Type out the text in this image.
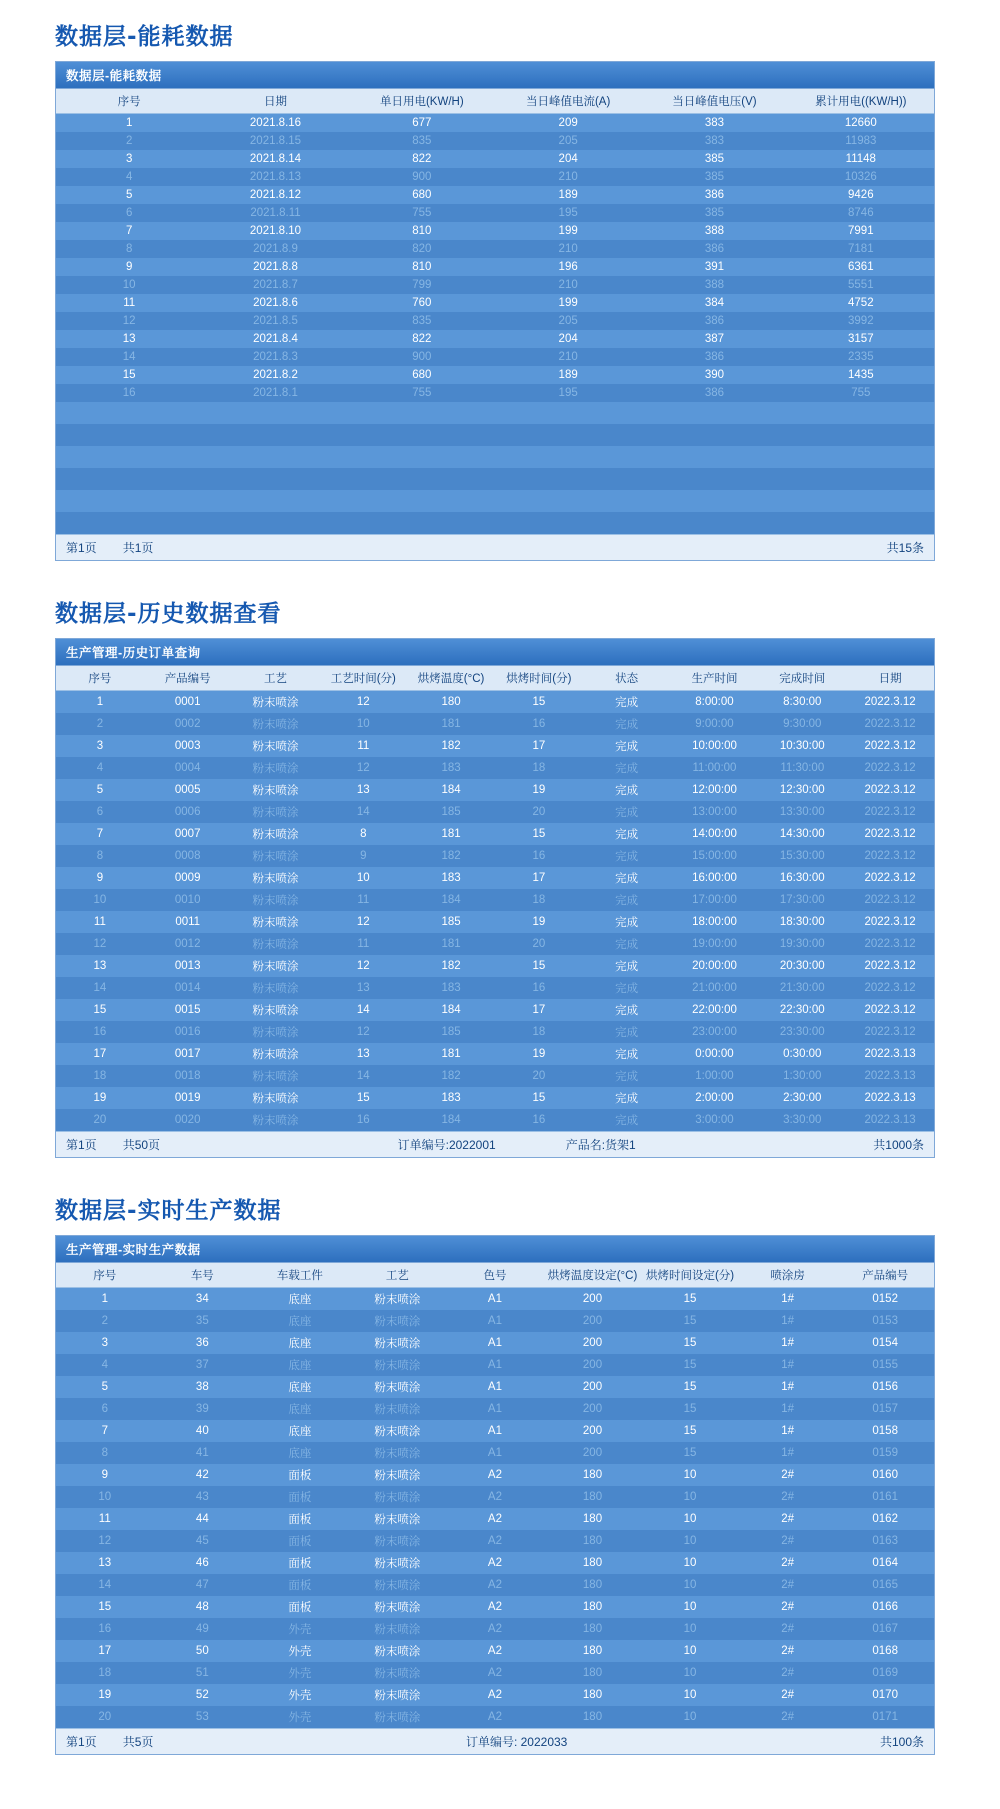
数据层-能耗数据
数据层-能耗数据
序号	日期	单日用电(KW/H)	当日峰值电流(A)	当日峰值电压(V)	累计用电((KW/H))
1	2021.8.16	677	209	383	12660
2	2021.8.15	835	205	383	11983
3	2021.8.14	822	204	385	11148
4	2021.8.13	900	210	385	10326
5	2021.8.12	680	189	386	9426
6	2021.8.11	755	195	385	8746
7	2021.8.10	810	199	388	7991
8	2021.8.9	820	210	386	7181
9	2021.8.8	810	196	391	6361
10	2021.8.7	799	210	388	5551
11	2021.8.6	760	199	384	4752
12	2021.8.5	835	205	386	3992
13	2021.8.4	822	204	387	3157
14	2021.8.3	900	210	386	2335
15	2021.8.2	680	189	390	1435
16	2021.8.1	755	195	386	755

第1页 共1页	共15条
数据层-历史数据查看
生产管理-历史订单查询
序号	产品编号	工艺	工艺时间(分)	烘烤温度(°C)	烘烤时间(分)	状态	生产时间	完成时间	日期
1	0001	粉末喷涂	12	180	15	完成	8:00:00	8:30:00	2022.3.12
2	0002	粉末喷涂	10	181	16	完成	9:00:00	9:30:00	2022.3.12
3	0003	粉末喷涂	11	182	17	完成	10:00:00	10:30:00	2022.3.12
4	0004	粉末喷涂	12	183	18	完成	11:00:00	11:30:00	2022.3.12
5	0005	粉末喷涂	13	184	19	完成	12:00:00	12:30:00	2022.3.12
6	0006	粉末喷涂	14	185	20	完成	13:00:00	13:30:00	2022.3.12
7	0007	粉末喷涂	8	181	15	完成	14:00:00	14:30:00	2022.3.12
8	0008	粉末喷涂	9	182	16	完成	15:00:00	15:30:00	2022.3.12
9	0009	粉末喷涂	10	183	17	完成	16:00:00	16:30:00	2022.3.12
10	0010	粉末喷涂	11	184	18	完成	17:00:00	17:30:00	2022.3.12
11	0011	粉末喷涂	12	185	19	完成	18:00:00	18:30:00	2022.3.12
12	0012	粉末喷涂	11	181	20	完成	19:00:00	19:30:00	2022.3.12
13	0013	粉末喷涂	12	182	15	完成	20:00:00	20:30:00	2022.3.12
14	0014	粉末喷涂	13	183	16	完成	21:00:00	21:30:00	2022.3.12
15	0015	粉末喷涂	14	184	17	完成	22:00:00	22:30:00	2022.3.12
16	0016	粉末喷涂	12	185	18	完成	23:00:00	23:30:00	2022.3.12
17	0017	粉末喷涂	13	181	19	完成	0:00:00	0:30:00	2022.3.13
18	0018	粉末喷涂	14	182	20	完成	1:00:00	1:30:00	2022.3.13
19	0019	粉末喷涂	15	183	15	完成	2:00:00	2:30:00	2022.3.13
20	0020	粉末喷涂	16	184	16	完成	3:00:00	3:30:00	2022.3.13
第1页 共50页	订单编号:2022001	产品名:货架1	共1000条
数据层-实时生产数据
生产管理-实时生产数据
序号	车号	车载工件	工艺	色号	烘烤温度设定(°C)	烘烤时间设定(分)	喷涂房	产品编号
1	34	底座	粉末喷涂	A1	200	15	1#	0152
2	35	底座	粉末喷涂	A1	200	15	1#	0153
3	36	底座	粉末喷涂	A1	200	15	1#	0154
4	37	底座	粉末喷涂	A1	200	15	1#	0155
5	38	底座	粉末喷涂	A1	200	15	1#	0156
6	39	底座	粉末喷涂	A1	200	15	1#	0157
7	40	底座	粉末喷涂	A1	200	15	1#	0158
8	41	底座	粉末喷涂	A1	200	15	1#	0159
9	42	面板	粉末喷涂	A2	180	10	2#	0160
10	43	面板	粉末喷涂	A2	180	10	2#	0161
11	44	面板	粉末喷涂	A2	180	10	2#	0162
12	45	面板	粉末喷涂	A2	180	10	2#	0163
13	46	面板	粉末喷涂	A2	180	10	2#	0164
14	47	面板	粉末喷涂	A2	180	10	2#	0165
15	48	面板	粉末喷涂	A2	180	10	2#	0166
16	49	外壳	粉末喷涂	A2	180	10	2#	0167
17	50	外壳	粉末喷涂	A2	180	10	2#	0168
18	51	外壳	粉末喷涂	A2	180	10	2#	0169
19	52	外壳	粉末喷涂	A2	180	10	2#	0170
20	53	外壳	粉末喷涂	A2	180	10	2#	0171
第1页 共5页	订单编号: 2022033	共100条
